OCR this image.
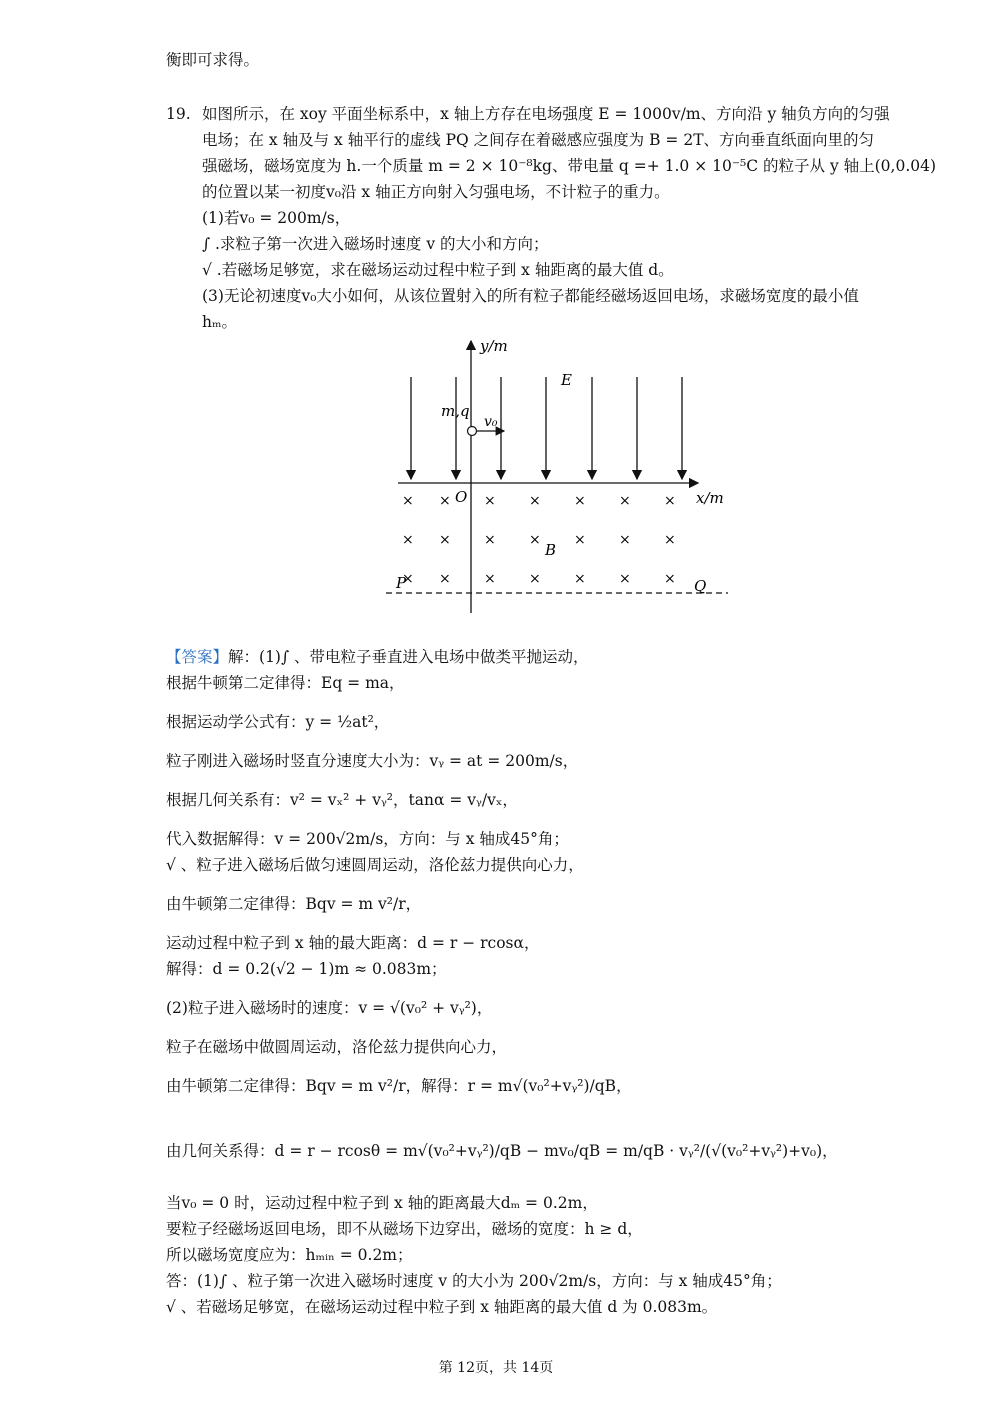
衡即可求得。
19. 如图所示，在 xoy 平面坐标系中，x 轴上方存在电场强度 E = 1000v/m、方向沿 y 轴负方向的匀强
电场；在 x 轴及与 x 轴平行的虚线 PQ 之间存在着磁感应强度为 B = 2T、方向垂直纸面向里的匀
强磁场，磁场宽度为 h.一个质量 m = 2 × 10⁻⁸kg、带电量 q =+ 1.0 × 10⁻⁵C 的粒子从 y 轴上(0,0.04)
的位置以某一初度v₀沿 x 轴正方向射入匀强电场，不计粒子的重力。
(1)若v₀ = 200m/s，
∫ .求粒子第一次进入磁场时速度 v 的大小和方向；
√ .若磁场足够宽，求在磁场运动过程中粒子到 x 轴距离的最大值 d。
(3)无论初速度v₀大小如何，从该位置射入的所有粒子都能经磁场返回电场，求磁场宽度的最小值
hₘ。
y/m
x/m
O
E
m,q
v₀
× × × × × × ×
× × × × × × ×
× × × × × × ×
B
P	Q
【答案】解：(1)∫ 、带电粒子垂直进入电场中做类平抛运动，
根据牛顿第二定律得：Eq = ma，
根据运动学公式有：y = ½at²，
粒子刚进入磁场时竖直分速度大小为：vᵧ = at = 200m/s，
根据几何关系有：v² = vₓ² + vᵧ²，tanα = vᵧ/vₓ，
代入数据解得：v = 200√2m/s，方向：与 x 轴成45°角；
√ 、粒子进入磁场后做匀速圆周运动，洛伦兹力提供向心力，
由牛顿第二定律得：Bqv = m v²/r，
运动过程中粒子到 x 轴的最大距离：d = r − rcosα，
解得：d = 0.2(√2 − 1)m ≈ 0.083m；
(2)粒子进入磁场时的速度：v = √(v₀² + vᵧ²)，
粒子在磁场中做圆周运动，洛伦兹力提供向心力，
由牛顿第二定律得：Bqv = m v²/r，解得：r = m√(v₀²+vᵧ²)/qB，
由几何关系得：d = r − rcosθ = m√(v₀²+vᵧ²)/qB − mv₀/qB = m/qB · vᵧ²/(√(v₀²+vᵧ²)+v₀)，
当v₀ = 0 时，运动过程中粒子到 x 轴的距离最大dₘ = 0.2m，
要粒子经磁场返回电场，即不从磁场下边穿出，磁场的宽度：h ≥ d，
所以磁场宽度应为：hₘᵢₙ = 0.2m；
答：(1)∫ 、粒子第一次进入磁场时速度 v 的大小为 200√2m/s，方向：与 x 轴成45°角；
√ 、若磁场足够宽，在磁场运动过程中粒子到 x 轴距离的最大值 d 为 0.083m。
第 12页，共 14页
